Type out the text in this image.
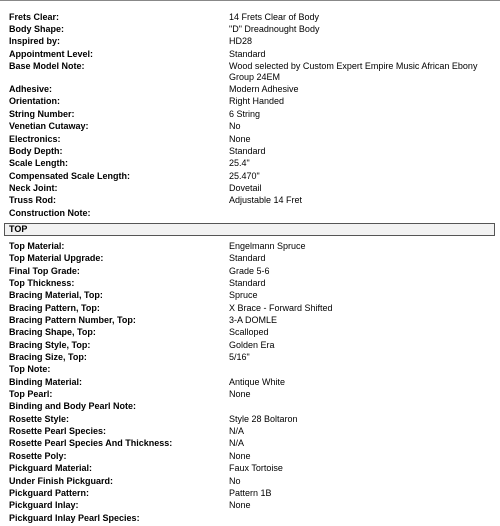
Frets Clear:	14 Frets Clear of Body
Body Shape:	"D" Dreadnought Body
Inspired by:	HD28
Appointment Level:	Standard
Base Model Note:	Wood selected by Custom Expert Empire Music African Ebony Group 24EM
Adhesive:	Modern Adhesive
Orientation:	Right Handed
String Number:	6 String
Venetian Cutaway:	No
Electronics:	None
Body Depth:	Standard
Scale Length:	25.4"
Compensated Scale Length:	25.470"
Neck Joint:	Dovetail
Truss Rod:	Adjustable 14 Fret
Construction Note:
TOP
Top Material:	Engelmann Spruce
Top Material Upgrade:	Standard
Final Top Grade:	Grade 5-6
Top Thickness:	Standard
Bracing Material, Top:	Spruce
Bracing Pattern, Top:	X Brace - Forward Shifted
Bracing Pattern Number, Top:	3-A DOMLE
Bracing Shape, Top:	Scalloped
Bracing Style, Top:	Golden Era
Bracing Size, Top:	5/16"
Top Note:
Binding Material:	Antique White
Top Pearl:	None
Binding and Body Pearl Note:
Rosette Style:	Style 28 Boltaron
Rosette Pearl Species:	N/A
Rosette Pearl Species And Thickness:	N/A
Rosette Poly:	None
Pickguard Material:	Faux Tortoise
Under Finish Pickguard:	No
Pickguard Pattern:	Pattern 1B
Pickguard Inlay:	None
Pickguard Inlay Pearl Species:
